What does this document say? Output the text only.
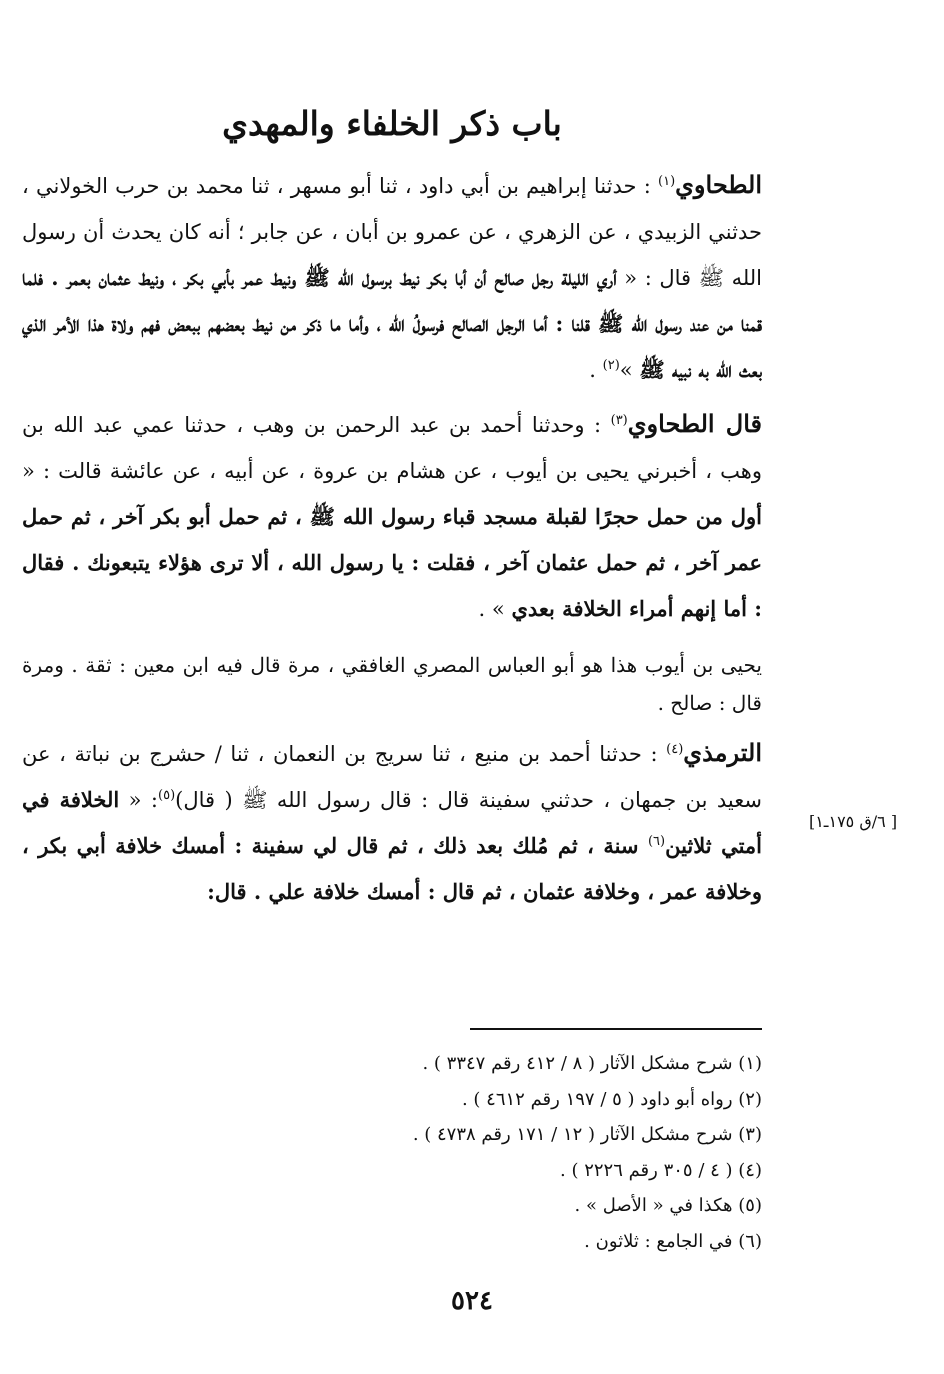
باب ذكر الخلفاء والمهدي

الطحاوي$^{(١)}$ : حدثنا إبراهيم بن أبي داود ، ثنا أبو مسهر ، ثنا محمد بن حرب الخولاني ، حدثني الزبيدي ، عن الزهري ، عن عمرو بن أبان ، عن جابر ؛ أنه كان يحدث أن رسول الله ﷺ قال : « أري الليلة رجل صالح أن أبا بكر نيط برسول الله ﷺ ونيط عمر بأبي بكر ، ونيط عثمان بعمر . فلما قمنا من عند رسول الله ﷺ قلنا : أما الرجل الصالح فرسولُ الله ، وأما ما ذكر من نيط بعضهم ببعض فهم ولاة هذا الأمر الذي بعث الله به نبيه ﷺ »$^{(٢)}$ .

قال الطحاوي$^{(٣)}$ : وحدثنا أحمد بن عبد الرحمن بن وهب ، حدثنا عمي عبد الله بن وهب ، أخبرني يحيى بن أيوب ، عن هشام بن عروة ، عن أبيه ، عن عائشة قالت : « أول من حمل حجرًا لقبلة مسجد قباء رسول الله ﷺ ، ثم حمل أبو بكر آخر ، ثم حمل عمر آخر ، ثم حمل عثمان آخر ، فقلت : يا رسول الله ، ألا ترى هؤلاء يتبعونك . فقال : أما إنهم أمراء الخلافة بعدي » .

يحيى بن أيوب هذا هو أبو العباس المصري الغافقي ، مرة قال فيه ابن معين : ثقة . ومرة قال : صالح .

الترمذي$^{(٤)}$ : حدثنا أحمد بن منيع ، ثنا سريج بن النعمان ، ثنا / حشرج بن نباتة ، عن سعيد بن جمهان ، حدثني سفينة قال : قال رسول الله ﷺ ( قال)$^{(٥)}$: « الخلافة في أمتي ثلاثين$^{(٦)}$ سنة ، ثم مُلك بعد ذلك ، ثم قال لي سفينة : أمسك خلافة أبي بكر ، وخلافة عمر ، وخلافة عثمان ، ثم قال : أمسك خلافة علي . قال:

[ ٦/ق ١٧٥ـ١]
(١) شرح مشكل الآثار ( ٨ / ٤١٢ رقم ٣٣٤٧ ) .
(٢) رواه أبو داود ( ٥ / ١٩٧ رقم ٤٦١٢ ) .
(٣) شرح مشكل الآثار ( ١٢ / ١٧١ رقم ٤٧٣٨ ) .
(٤) ( ٤ / ٣٠٥ رقم ٢٢٢٦ ) .
(٥) هكذا في « الأصل » .
(٦) في الجامع : ثلاثون .
٥٢٤
